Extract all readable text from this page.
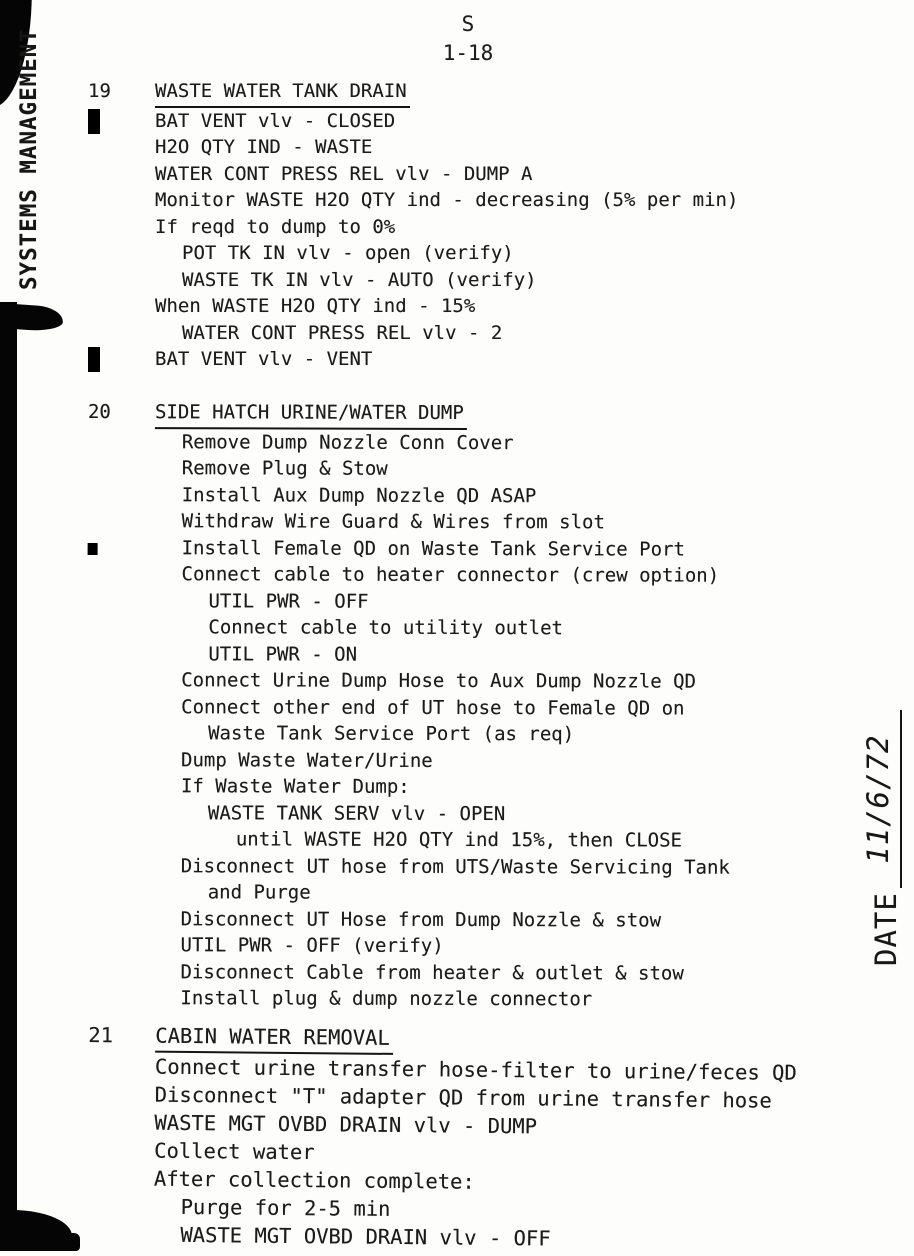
SYSTEMS MANAGEMENT
S
1-18
DATE
11/6/72
19	WASTE WATER TANK DRAIN
BAT VENT vlv - CLOSED
H2O QTY IND - WASTE
WATER CONT PRESS REL vlv - DUMP A
Monitor WASTE H2O QTY ind - decreasing (5% per min)
If reqd to dump to 0%
POT TK IN vlv - open (verify)
WASTE TK IN vlv - AUTO (verify)
When WASTE H2O QTY ind - 15%
WATER CONT PRESS REL vlv - 2
BAT VENT vlv - VENT
20	SIDE HATCH URINE/WATER DUMP
Remove Dump Nozzle Conn Cover
Remove Plug & Stow
Install Aux Dump Nozzle QD ASAP
Withdraw Wire Guard & Wires from slot
Install Female QD on Waste Tank Service Port
Connect cable to heater connector (crew option)
UTIL PWR - OFF
Connect cable to utility outlet
UTIL PWR - ON
Connect Urine Dump Hose to Aux Dump Nozzle QD
Connect other end of UT hose to Female QD on
Waste Tank Service Port (as req)
Dump Waste Water/Urine
If Waste Water Dump:
WASTE TANK SERV vlv - OPEN
until WASTE H2O QTY ind 15%, then CLOSE
Disconnect UT hose from UTS/Waste Servicing Tank
and Purge
Disconnect UT Hose from Dump Nozzle & stow
UTIL PWR - OFF (verify)
Disconnect Cable from heater & outlet & stow
Install plug & dump nozzle connector
21	CABIN WATER REMOVAL
Connect urine transfer hose-filter to urine/feces QD
Disconnect "T" adapter QD from urine transfer hose
WASTE MGT OVBD DRAIN vlv - DUMP
Collect water
After collection complete:
Purge for 2-5 min
WASTE MGT OVBD DRAIN vlv - OFF
